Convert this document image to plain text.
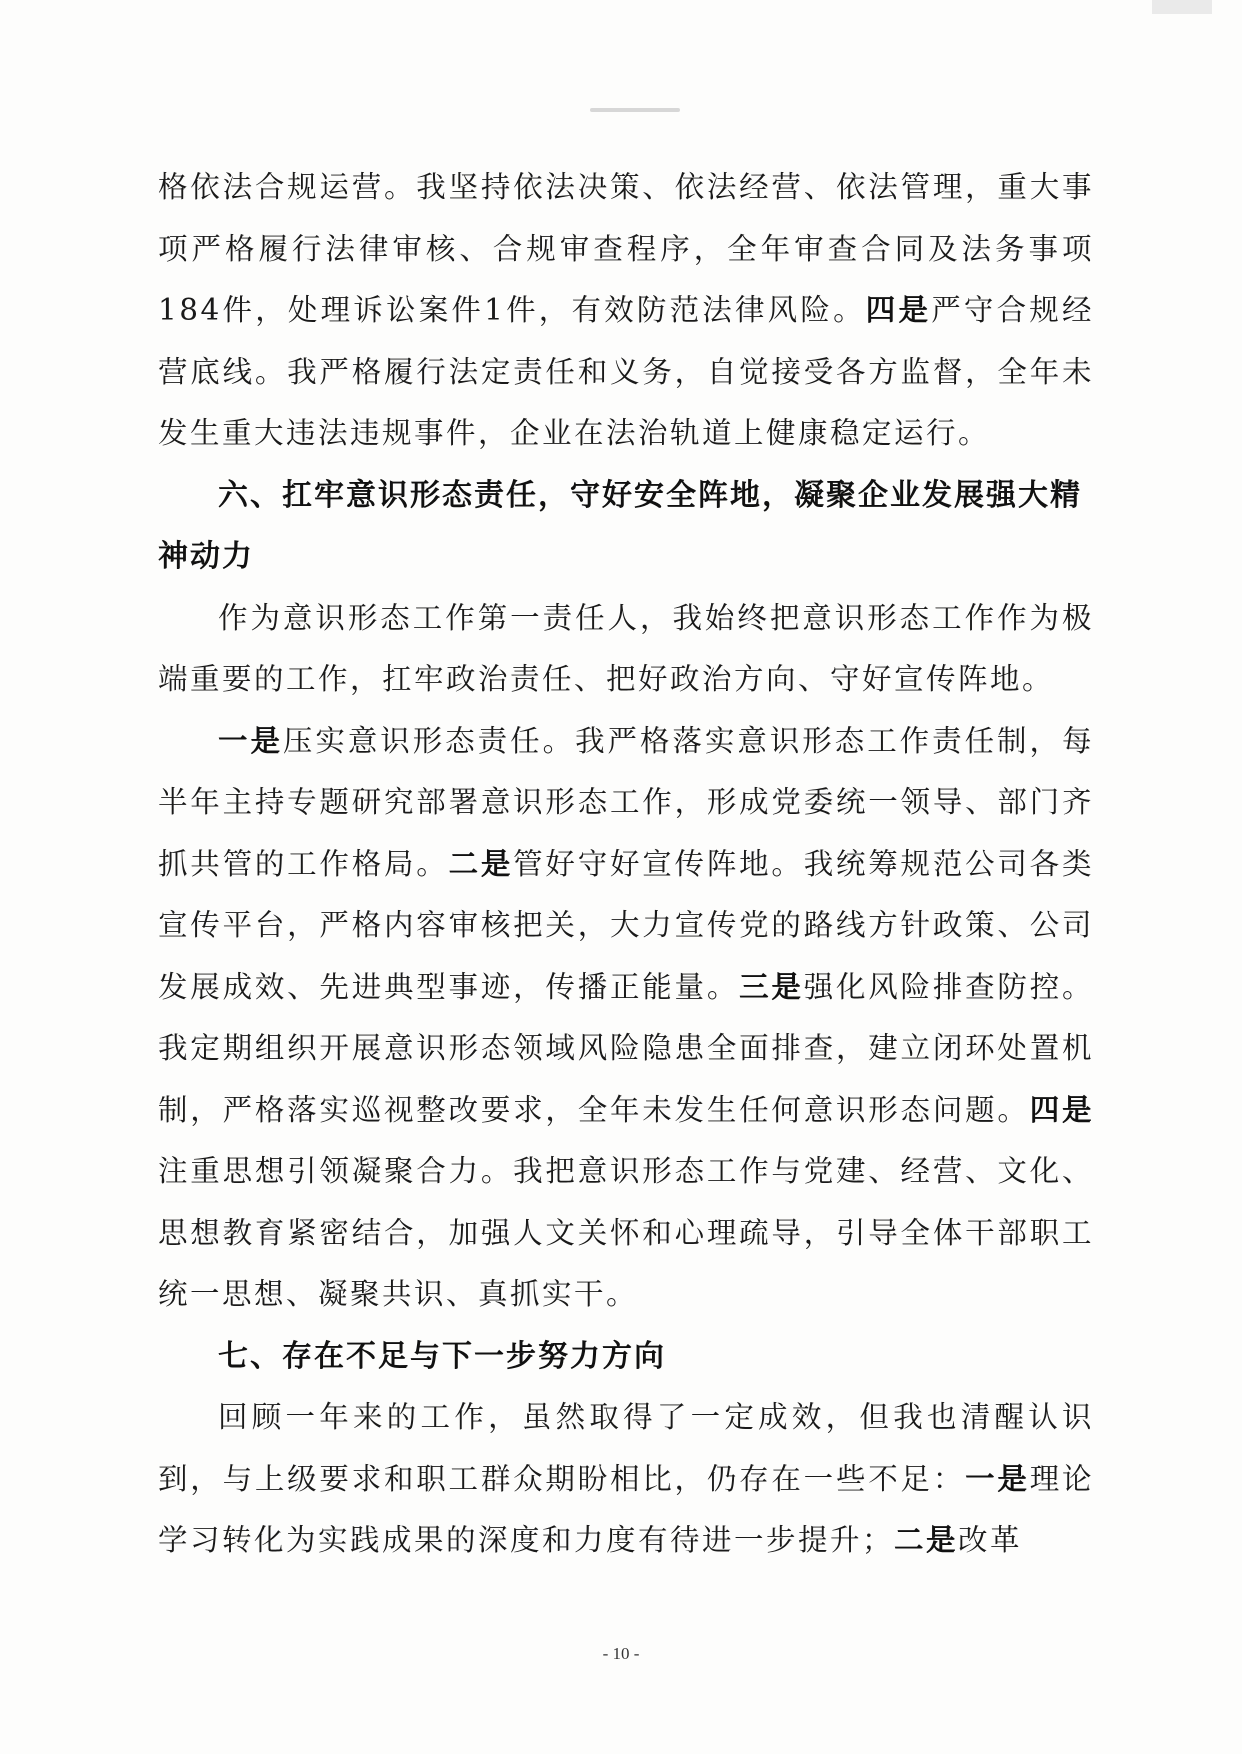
格依法合规运营。我坚持依法决策、依法经营、依法管理，重大事项严格履行法律审核、合规审查程序，全年审查合同及法务事项184件，处理诉讼案件1件，有效防范法律风险。四是严守合规经营底线。我严格履行法定责任和义务，自觉接受各方监督，全年未发生重大违法违规事件，企业在法治轨道上健康稳定运行。

六、扛牢意识形态责任，守好安全阵地，凝聚企业发展强大精神动力

作为意识形态工作第一责任人，我始终把意识形态工作作为极端重要的工作，扛牢政治责任、把好政治方向、守好宣传阵地。

一是压实意识形态责任。我严格落实意识形态工作责任制，每半年主持专题研究部署意识形态工作，形成党委统一领导、部门齐抓共管的工作格局。二是管好守好宣传阵地。我统筹规范公司各类宣传平台，严格内容审核把关，大力宣传党的路线方针政策、公司发展成效、先进典型事迹，传播正能量。三是强化风险排查防控。我定期组织开展意识形态领域风险隐患全面排查，建立闭环处置机制，严格落实巡视整改要求，全年未发生任何意识形态问题。四是注重思想引领凝聚合力。我把意识形态工作与党建、经营、文化、思想教育紧密结合，加强人文关怀和心理疏导，引导全体干部职工统一思想、凝聚共识、真抓实干。

七、存在不足与下一步努力方向

回顾一年来的工作，虽然取得了一定成效，但我也清醒认识到，与上级要求和职工群众期盼相比，仍存在一些不足：一是理论学习转化为实践成果的深度和力度有待进一步提升；二是改革

- 10 -
